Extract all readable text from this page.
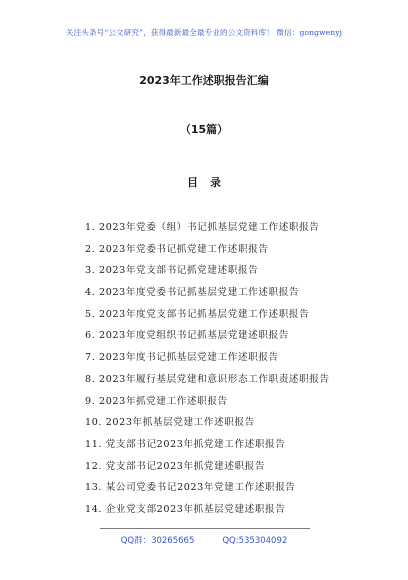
关注头条号“公文研究”，获得最新最全最专业的公文资料库！ 微信：gongwenyj
2023年工作述职报告汇编
（15篇）
目录
1. 2023年党委（组）书记抓基层党建工作述职报告
2. 2023年党委书记抓党建工作述职报告
3. 2023年党支部书记抓党建述职报告
4. 2023年度党委书记抓基层党建工作述职报告
5. 2023年度党支部书记抓基层党建工作述职报告
6. 2023年度党组织书记抓基层党建述职报告
7. 2023年度书记抓基层党建工作述职报告
8. 2023年履行基层党建和意识形态工作职责述职报告
9. 2023年抓党建工作述职报告
10. 2023年抓基层党建工作述职报告
11. 党支部书记2023年抓党建工作述职报告
12. 党支部书记2023年抓党建述职报告
13. 某公司党委书记2023年党建工作述职报告
14. 企业党支部2023年抓基层党建述职报告
QQ群：30265665	QQ:535304092
